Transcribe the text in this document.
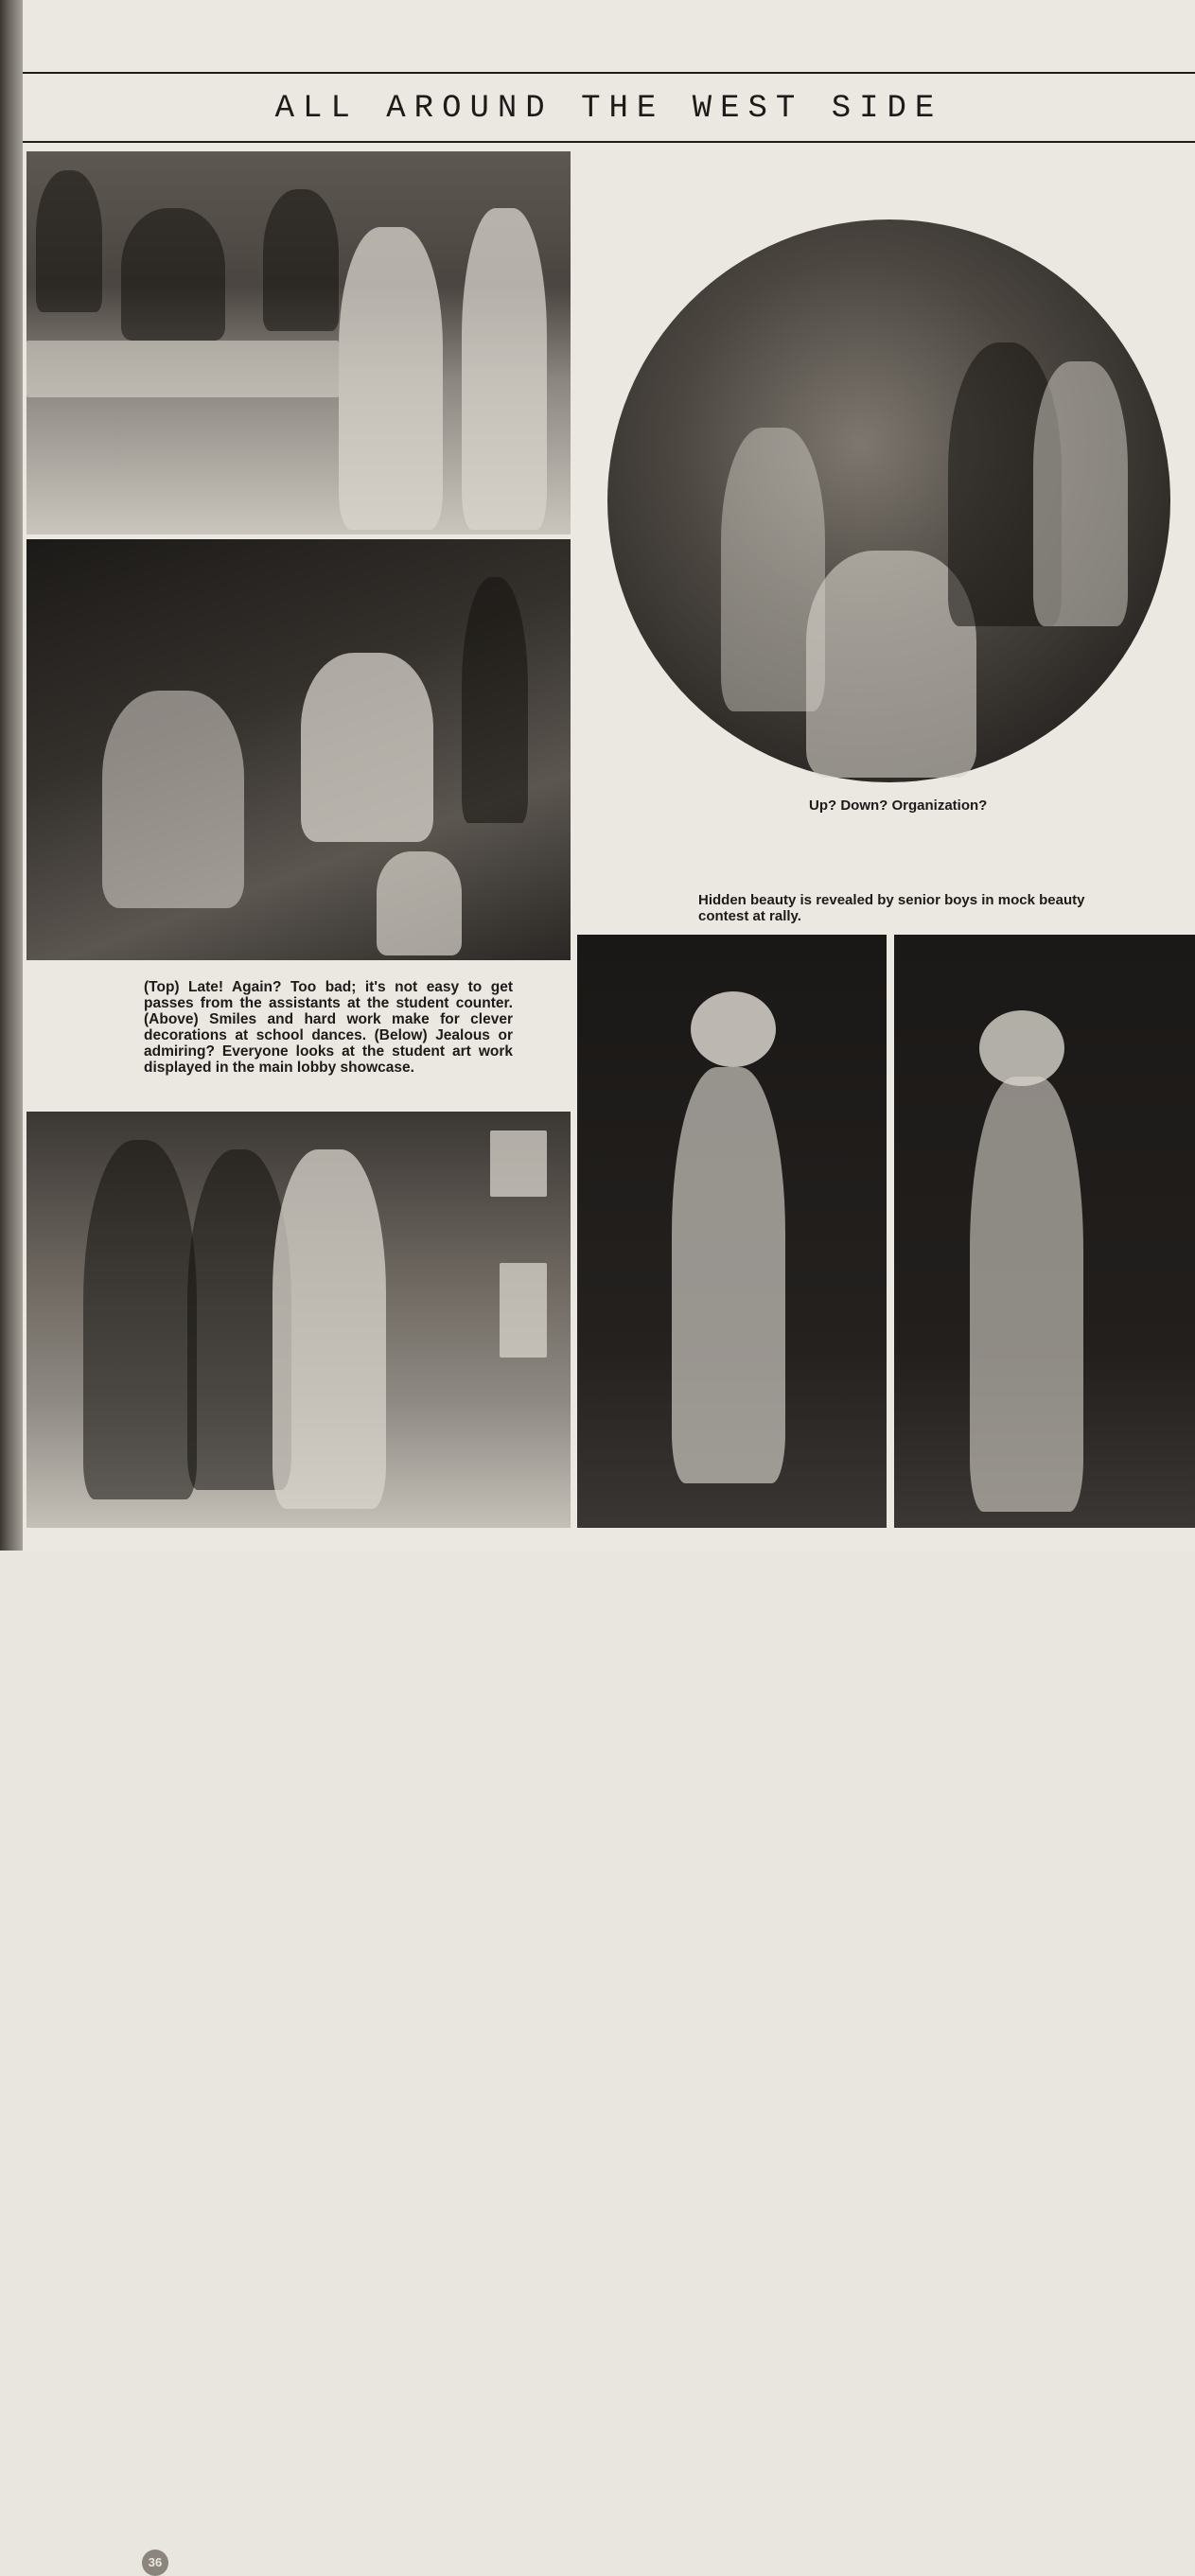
ALL AROUND THE WEST SIDE

(Top) Late! Again? Too bad; it's not easy to get passes from the assistants at the student counter. (Above) Smiles and hard work make for clever decorations at school dances. (Below) Jealous or admiring? Everyone looks at the student art work displayed in the main lobby showcase.

36

Up? Down? Organization?

Hidden beauty is revealed by senior boys in mock beauty contest at rally.
